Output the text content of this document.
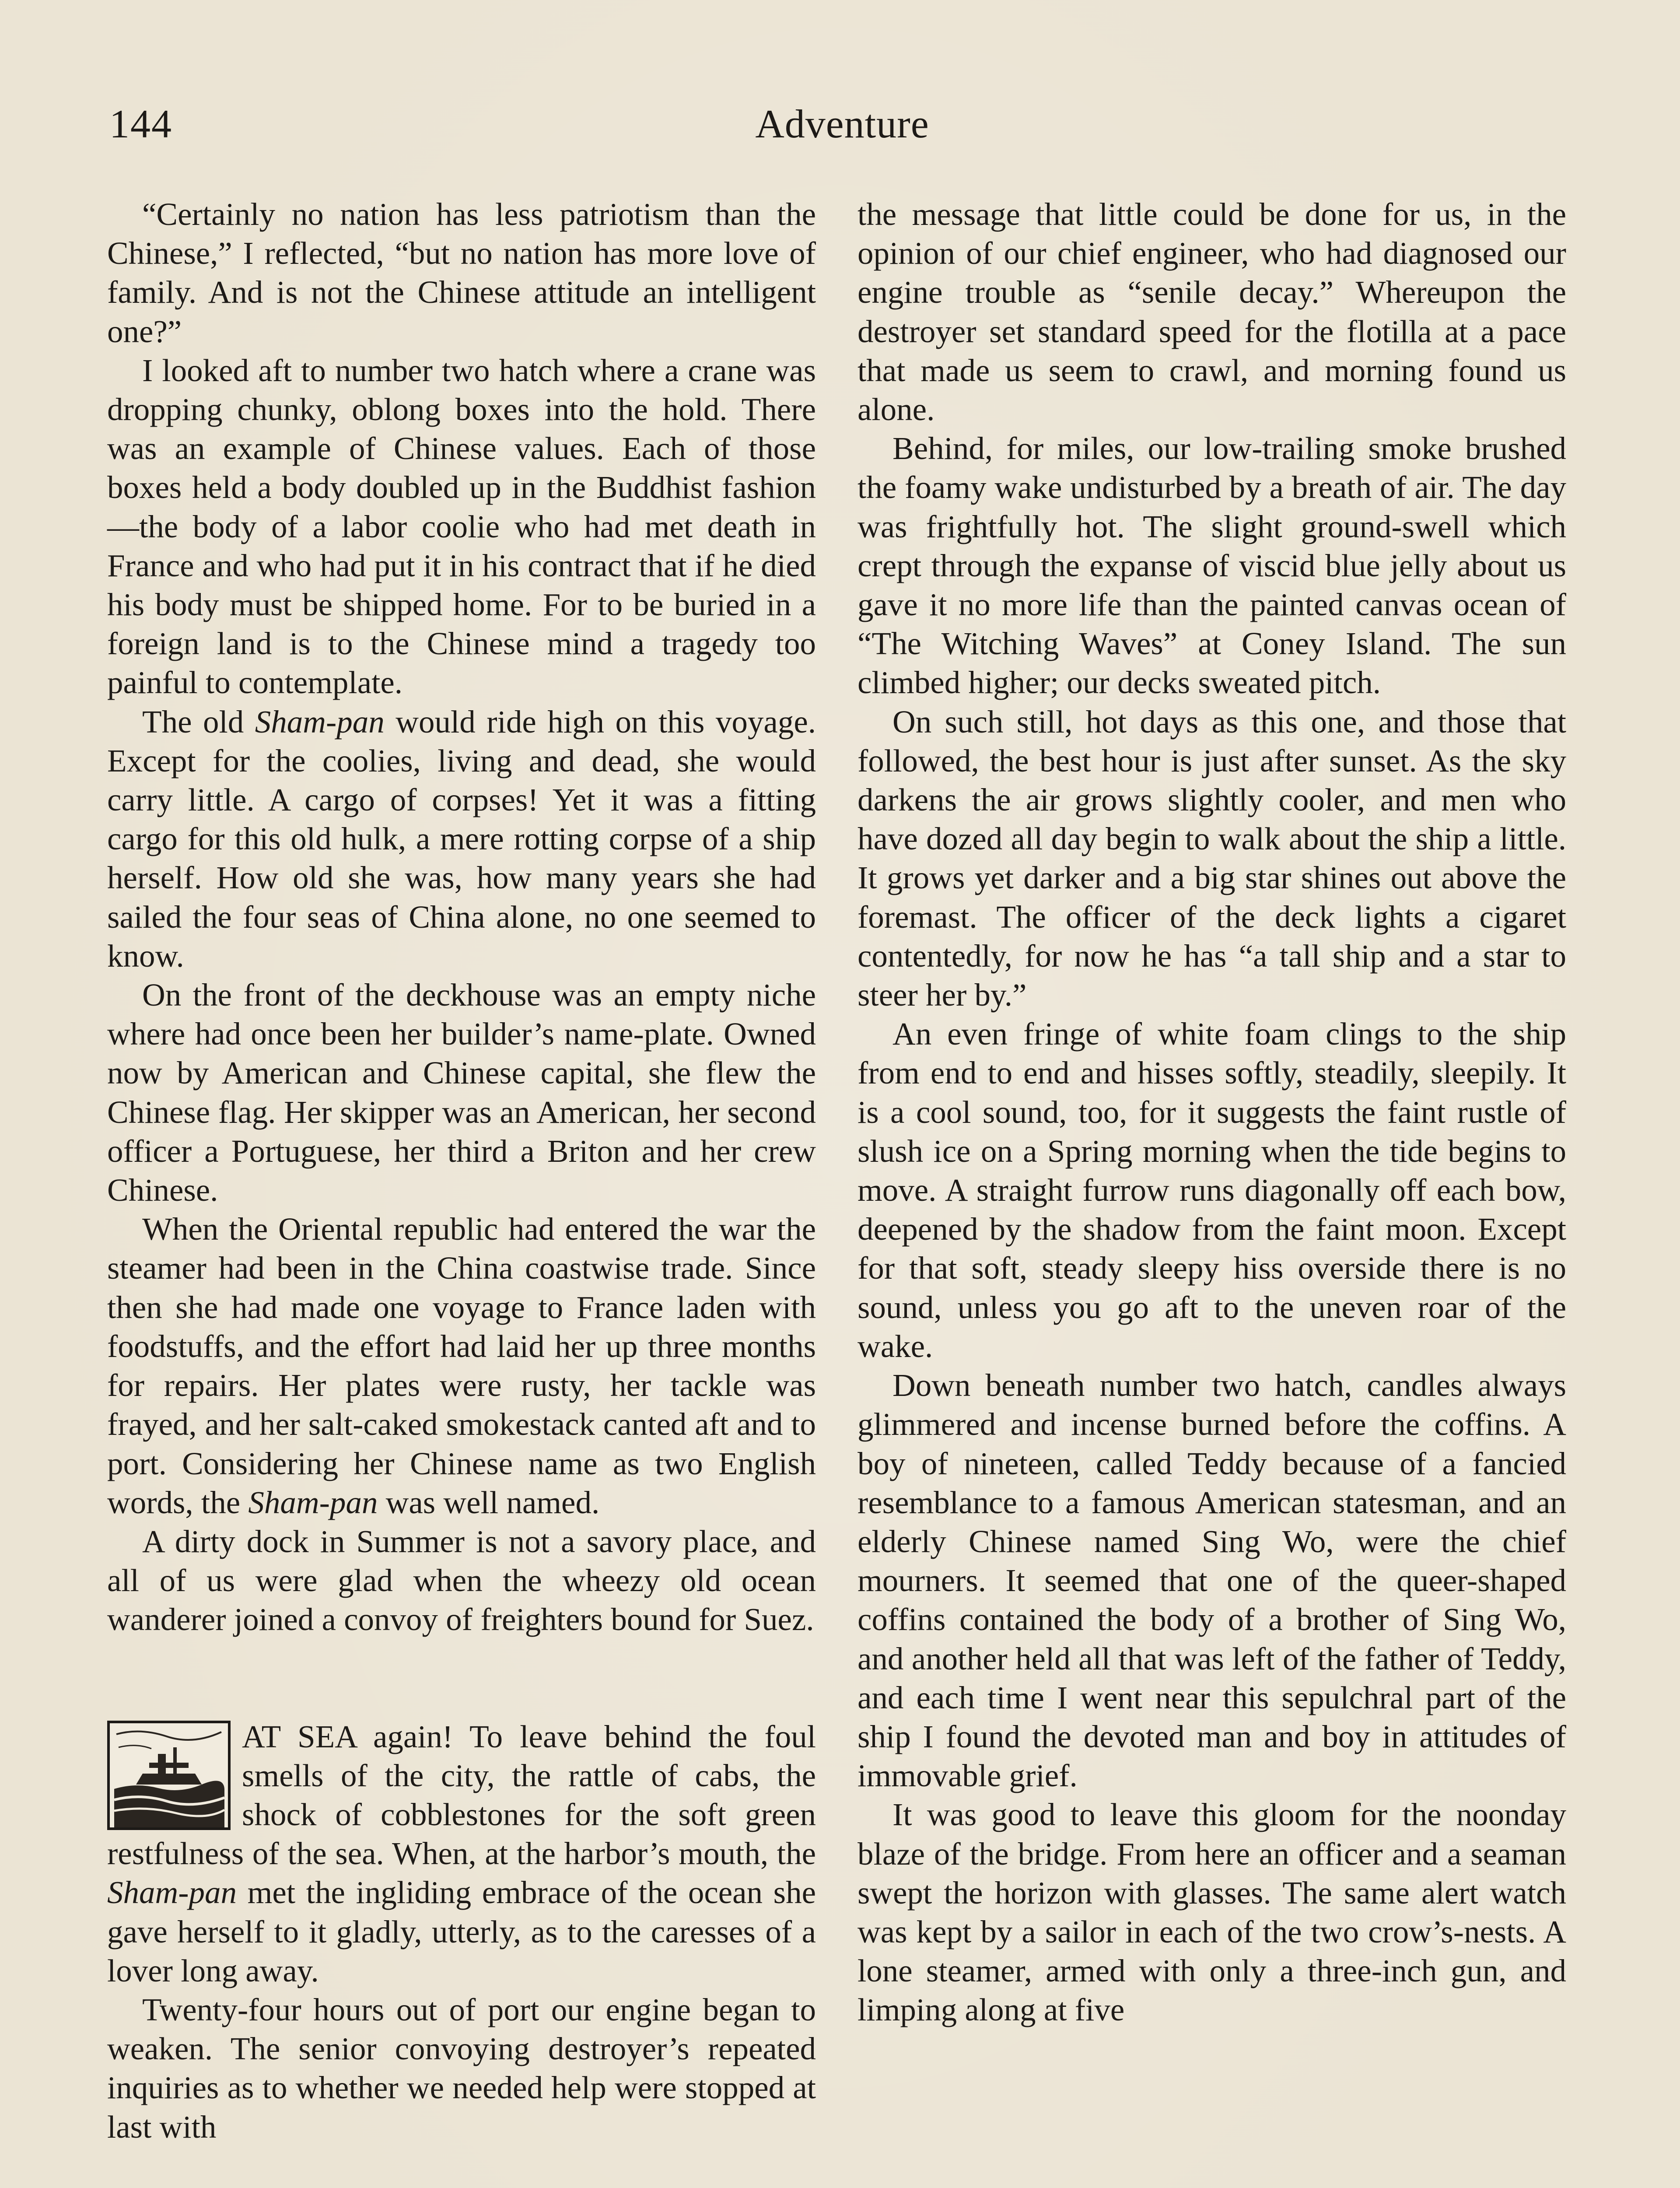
144	Adventure

“Certainly no nation has less patriotism than the Chinese,” I reflected, “but no nation has more love of family. And is not the Chinese attitude an intelligent one?”

I looked aft to number two hatch where a crane was dropping chunky, oblong boxes into the hold. There was an example of Chinese values. Each of those boxes held a body doubled up in the Buddhist fashion—the body of a labor coolie who had met death in France and who had put it in his contract that if he died his body must be shipped home. For to be buried in a foreign land is to the Chinese mind a tragedy too painful to contemplate.

The old Sham-pan would ride high on this voyage. Except for the coolies, living and dead, she would carry little. A cargo of corpses! Yet it was a fitting cargo for this old hulk, a mere rotting corpse of a ship herself. How old she was, how many years she had sailed the four seas of China alone, no one seemed to know.

On the front of the deckhouse was an empty niche where had once been her builder’s name-plate. Owned now by American and Chinese capital, she flew the Chinese flag. Her skipper was an American, her second officer a Portuguese, her third a Briton and her crew Chinese.

When the Oriental republic had entered the war the steamer had been in the China coastwise trade. Since then she had made one voyage to France laden with foodstuffs, and the effort had laid her up three months for repairs. Her plates were rusty, her tackle was frayed, and her salt-caked smokestack canted aft and to port. Considering her Chinese name as two English words, the Sham-pan was well named.

A dirty dock in Summer is not a savory place, and all of us were glad when the wheezy old ocean wanderer joined a convoy of freighters bound for Suez.

AT SEA again! To leave behind the foul smells of the city, the rattle of cabs, the shock of cobblestones for the soft green restfulness of the sea. When, at the harbor’s mouth, the Sham-pan met the ingliding embrace of the ocean she gave herself to it gladly, utterly, as to the caresses of a lover long away.

Twenty-four hours out of port our engine began to weaken. The senior convoying destroyer’s repeated inquiries as to whether we needed help were stopped at last with

the message that little could be done for us, in the opinion of our chief engineer, who had diagnosed our engine trouble as “senile decay.” Whereupon the destroyer set standard speed for the flotilla at a pace that made us seem to crawl, and morning found us alone.

Behind, for miles, our low-trailing smoke brushed the foamy wake undisturbed by a breath of air. The day was frightfully hot. The slight ground-swell which crept through the expanse of viscid blue jelly about us gave it no more life than the painted canvas ocean of “The Witching Waves” at Coney Island. The sun climbed higher; our decks sweated pitch.

On such still, hot days as this one, and those that followed, the best hour is just after sunset. As the sky darkens the air grows slightly cooler, and men who have dozed all day begin to walk about the ship a little. It grows yet darker and a big star shines out above the foremast. The officer of the deck lights a cigaret contentedly, for now he has “a tall ship and a star to steer her by.”

An even fringe of white foam clings to the ship from end to end and hisses softly, steadily, sleepily. It is a cool sound, too, for it suggests the faint rustle of slush ice on a Spring morning when the tide begins to move. A straight furrow runs diagonally off each bow, deepened by the shadow from the faint moon. Except for that soft, steady sleepy hiss overside there is no sound, unless you go aft to the uneven roar of the wake.

Down beneath number two hatch, candles always glimmered and incense burned before the coffins. A boy of nineteen, called Teddy because of a fancied resemblance to a famous American statesman, and an elderly Chinese named Sing Wo, were the chief mourners. It seemed that one of the queer-shaped coffins contained the body of a brother of Sing Wo, and another held all that was left of the father of Teddy, and each time I went near this sepulchral part of the ship I found the devoted man and boy in attitudes of immovable grief.

It was good to leave this gloom for the noonday blaze of the bridge. From here an officer and a seaman swept the horizon with glasses. The same alert watch was kept by a sailor in each of the two crow’s-nests. A lone steamer, armed with only a three-inch gun, and limping along at five
